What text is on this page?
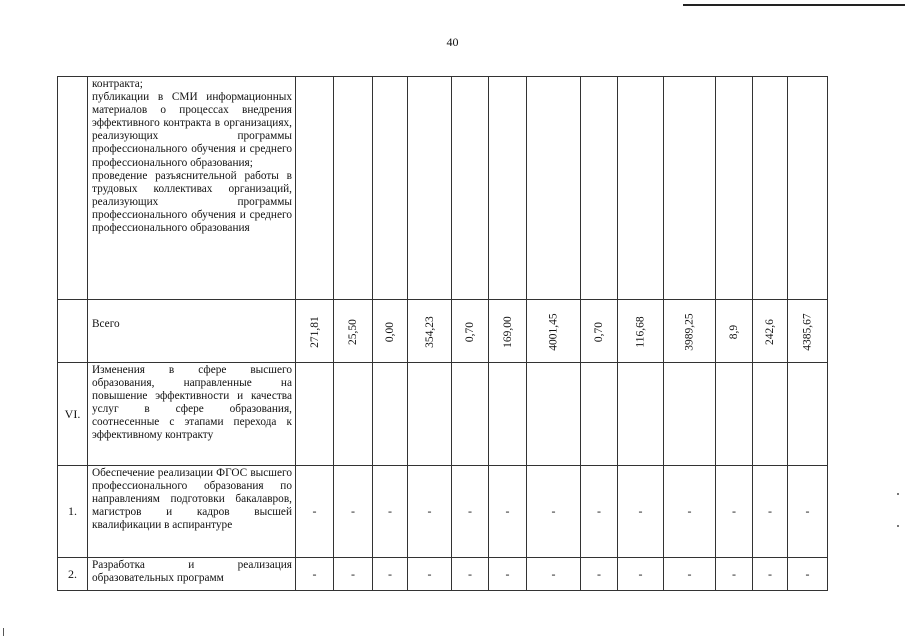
40

	контракта;
публикации в СМИ информационных материалов о процессах внедрения эффективного контракта в организациях, реализующих программы профессионального обучения и среднего профессионального образования;
проведение разъяснительной работы в трудовых коллективах организаций, реализующих программы профессионального обучения и среднего профессионального образования													

	Всего	271,81	25,50	0,00	354,23	0,70	169,00	4001,45	0,70	116,68	3989,25	8,9	242,6	4385,67
VI.	Изменения в сфере высшего образования, направленные на повышение эффективности и качества услуг в сфере образования, соотнесенные с этапами перехода к эффективному контракту													

1.	Обеспечение реализации ФГОС высшего профессионального образования по направлениям подготовки бакалавров, магистров и кадров высшей квалификации в аспирантуре	-	-	-	-	-	-	-	-	-	-	-	-	-
2.	Разработка и реализация образовательных программ	-	-	-	-	-	-	-	-	-	-	-	-	-
